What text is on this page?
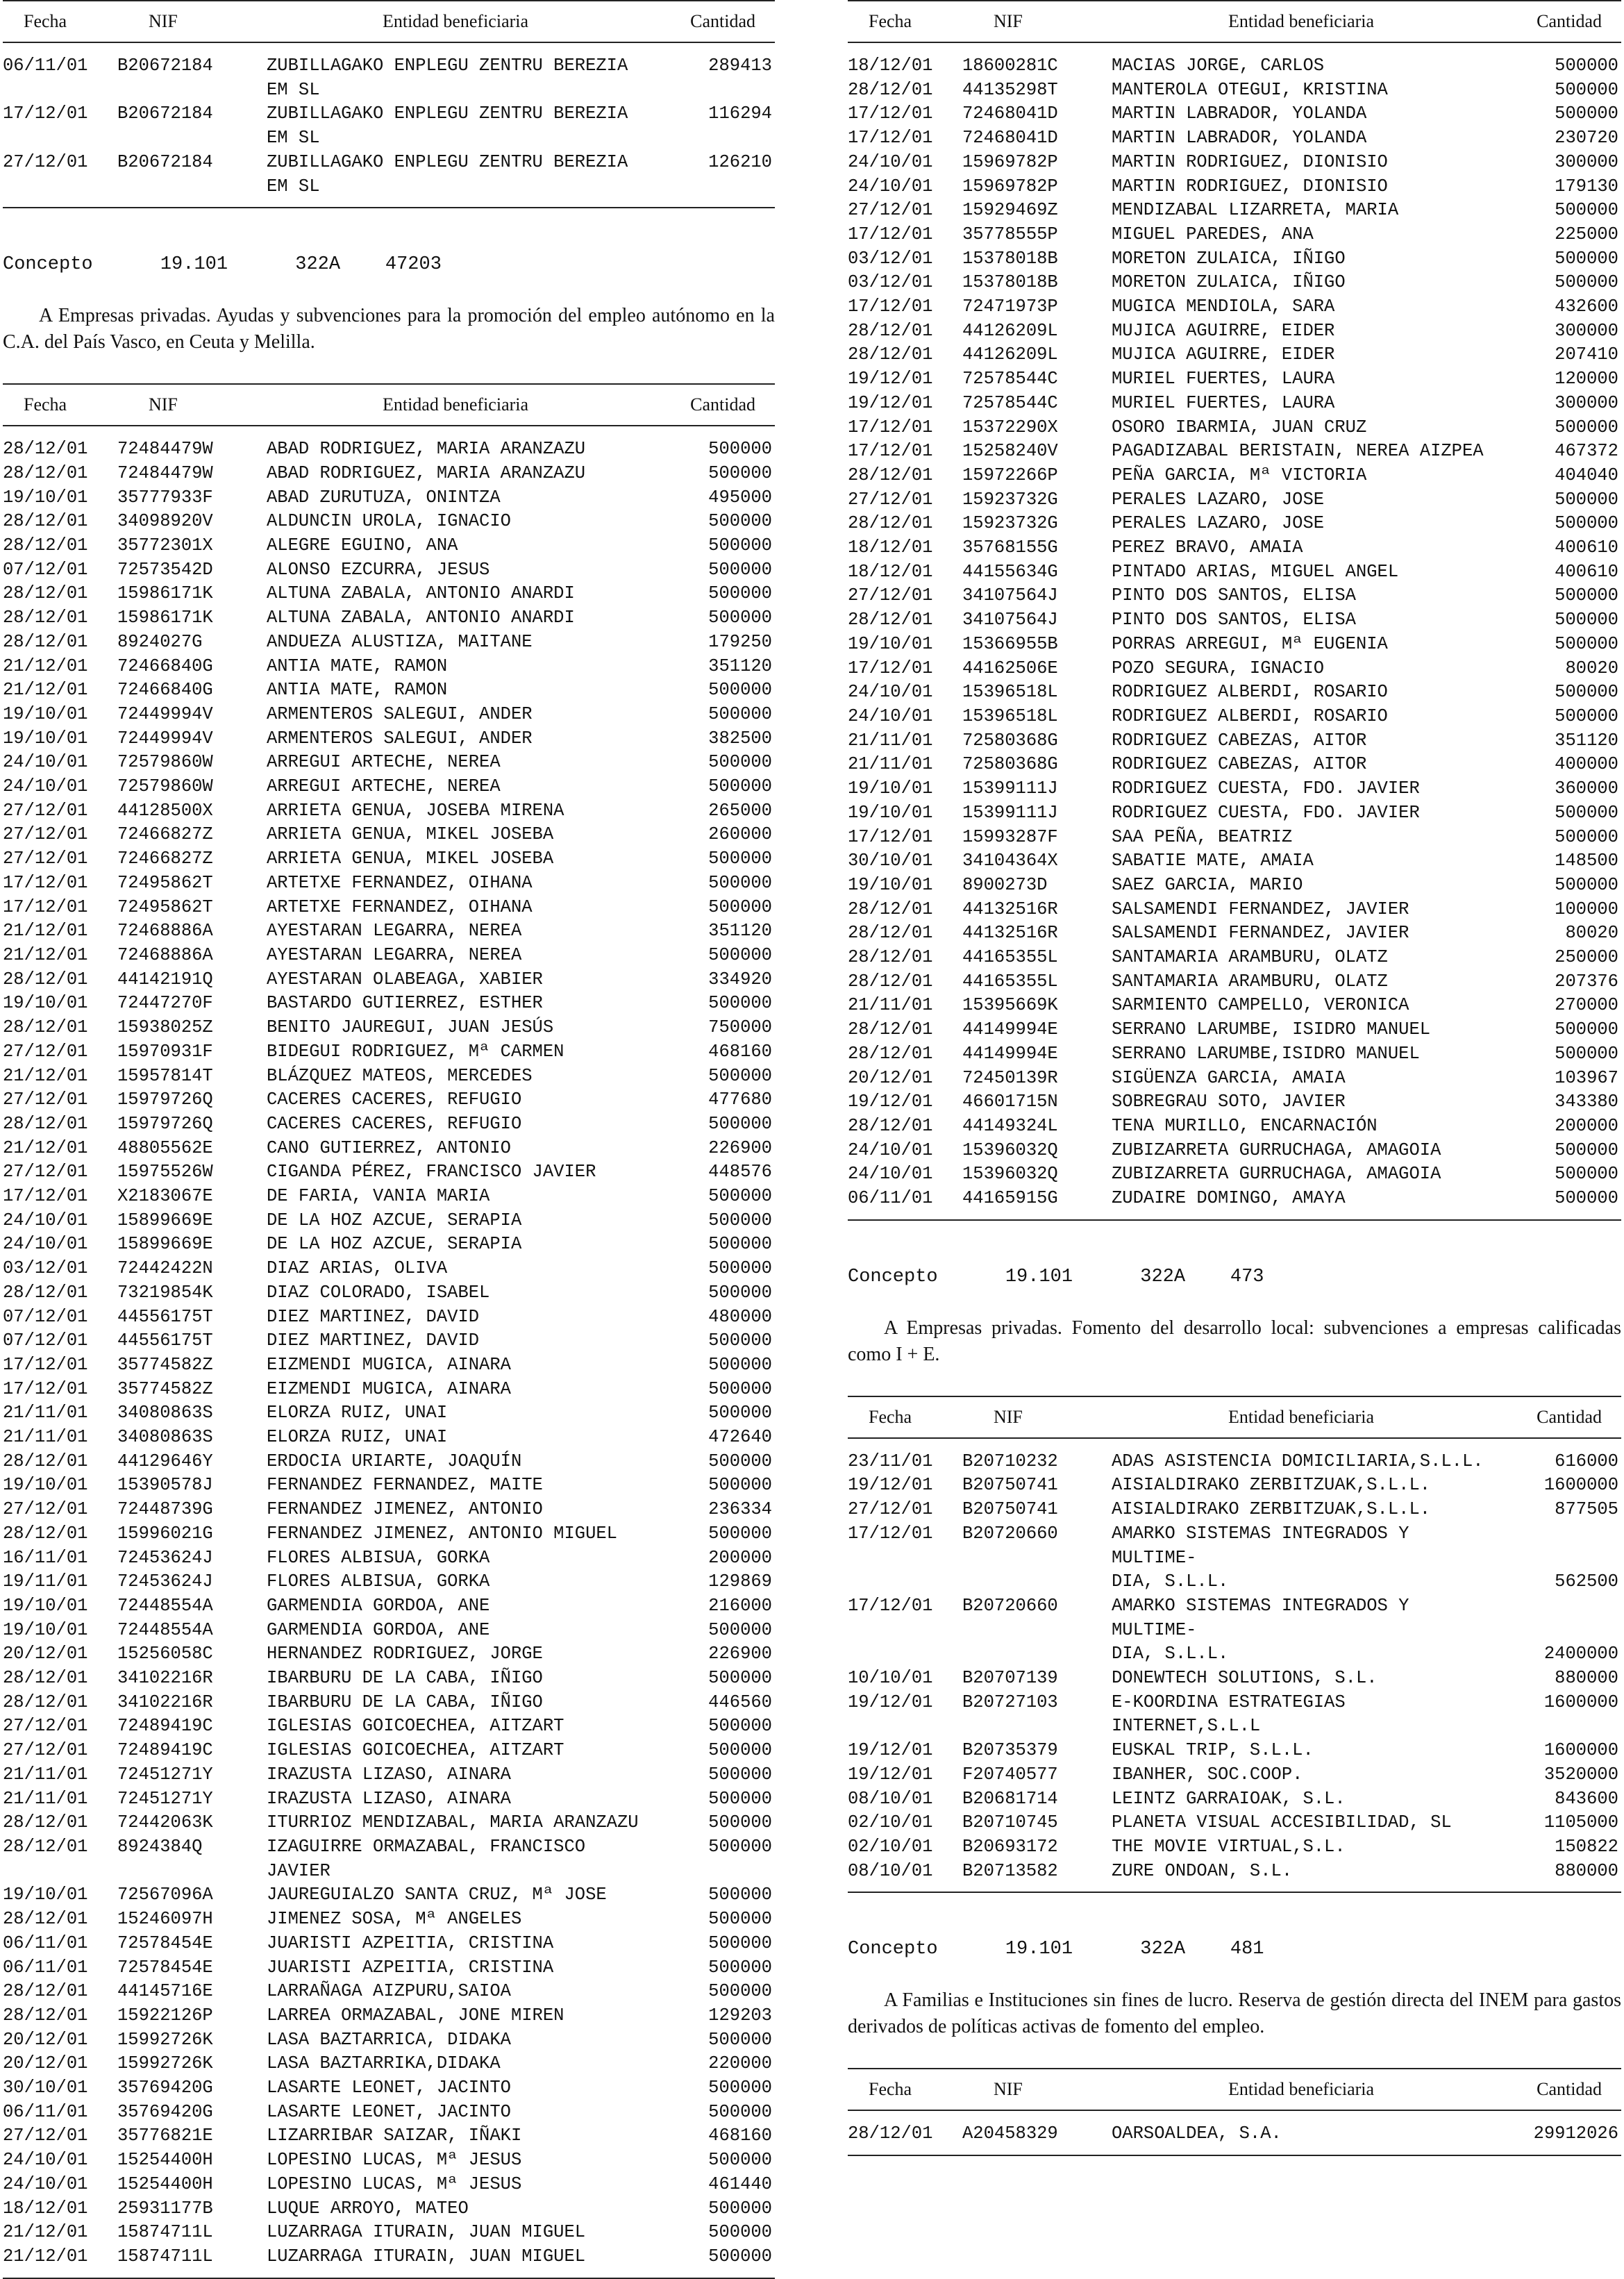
Fecha	NIF	Entidad beneficiaria	Cantidad
06/11/01	B20672184	ZUBILLAGAKO ENPLEGU ZENTRU BEREZIA EM SL	289413
17/12/01	B20672184	ZUBILLAGAKO ENPLEGU ZENTRU BEREZIA EM SL	116294
27/12/01	B20672184	ZUBILLAGAKO ENPLEGU ZENTRU BEREZIA EM SL	126210
Concepto      19.101      322A    47203

A Empresas privadas. Ayudas y subvenciones para la promoción del empleo autónomo en la C.A. del País Vasco, en Ceuta y Melilla.

Fecha	NIF	Entidad beneficiaria	Cantidad
28/12/01	72484479W	ABAD RODRIGUEZ, MARIA ARANZAZU	500000
28/12/01	72484479W	ABAD RODRIGUEZ, MARIA ARANZAZU	500000
19/10/01	35777933F	ABAD ZURUTUZA, ONINTZA	495000
28/12/01	34098920V	ALDUNCIN UROLA, IGNACIO	500000
28/12/01	35772301X	ALEGRE EGUINO, ANA	500000
07/12/01	72573542D	ALONSO EZCURRA, JESUS	500000
28/12/01	15986171K	ALTUNA ZABALA, ANTONIO ANARDI	500000
28/12/01	15986171K	ALTUNA ZABALA, ANTONIO ANARDI	500000
28/12/01	8924027G	ANDUEZA ALUSTIZA, MAITANE	179250
21/12/01	72466840G	ANTIA MATE, RAMON	351120
21/12/01	72466840G	ANTIA MATE, RAMON	500000
19/10/01	72449994V	ARMENTEROS SALEGUI, ANDER	500000
19/10/01	72449994V	ARMENTEROS SALEGUI, ANDER	382500
24/10/01	72579860W	ARREGUI ARTECHE, NEREA	500000
24/10/01	72579860W	ARREGUI ARTECHE, NEREA	500000
27/12/01	44128500X	ARRIETA GENUA, JOSEBA MIRENA	265000
27/12/01	72466827Z	ARRIETA GENUA, MIKEL JOSEBA	260000
27/12/01	72466827Z	ARRIETA GENUA, MIKEL JOSEBA	500000
17/12/01	72495862T	ARTETXE FERNANDEZ, OIHANA	500000
17/12/01	72495862T	ARTETXE FERNANDEZ, OIHANA	500000
21/12/01	72468886A	AYESTARAN LEGARRA, NEREA	351120
21/12/01	72468886A	AYESTARAN LEGARRA, NEREA	500000
28/12/01	44142191Q	AYESTARAN OLABEAGA, XABIER	334920
19/10/01	72447270F	BASTARDO GUTIERREZ, ESTHER	500000
28/12/01	15938025Z	BENITO JAUREGUI, JUAN JESÚS	750000
27/12/01	15970931F	BIDEGUI RODRIGUEZ, Mª CARMEN	468160
21/12/01	15957814T	BLÁZQUEZ MATEOS, MERCEDES	500000
27/12/01	15979726Q	CACERES CACERES, REFUGIO	477680
28/12/01	15979726Q	CACERES CACERES, REFUGIO	500000
21/12/01	48805562E	CANO GUTIERREZ, ANTONIO	226900
27/12/01	15975526W	CIGANDA PÉREZ, FRANCISCO JAVIER	448576
17/12/01	X2183067E	DE FARIA, VANIA MARIA	500000
24/10/01	15899669E	DE LA HOZ AZCUE, SERAPIA	500000
24/10/01	15899669E	DE LA HOZ AZCUE, SERAPIA	500000
03/12/01	72442422N	DIAZ ARIAS, OLIVA	500000
28/12/01	73219854K	DIAZ COLORADO, ISABEL	500000
07/12/01	44556175T	DIEZ MARTINEZ, DAVID	480000
07/12/01	44556175T	DIEZ MARTINEZ, DAVID	500000
17/12/01	35774582Z	EIZMENDI MUGICA, AINARA	500000
17/12/01	35774582Z	EIZMENDI MUGICA, AINARA	500000
21/11/01	34080863S	ELORZA RUIZ, UNAI	500000
21/11/01	34080863S	ELORZA RUIZ, UNAI	472640
28/12/01	44129646Y	ERDOCIA URIARTE, JOAQUÍN	500000
19/10/01	15390578J	FERNANDEZ FERNANDEZ, MAITE	500000
27/12/01	72448739G	FERNANDEZ JIMENEZ, ANTONIO	236334
28/12/01	15996021G	FERNANDEZ JIMENEZ, ANTONIO MIGUEL	500000
16/11/01	72453624J	FLORES ALBISUA, GORKA	200000
19/11/01	72453624J	FLORES ALBISUA, GORKA	129869
19/10/01	72448554A	GARMENDIA GORDOA, ANE	216000
19/10/01	72448554A	GARMENDIA GORDOA, ANE	500000
20/12/01	15256058C	HERNANDEZ RODRIGUEZ, JORGE	226900
28/12/01	34102216R	IBARBURU DE LA CABA, IÑIGO	500000
28/12/01	34102216R	IBARBURU DE LA CABA, IÑIGO	446560
27/12/01	72489419C	IGLESIAS GOICOECHEA, AITZART	500000
27/12/01	72489419C	IGLESIAS GOICOECHEA, AITZART	500000
21/11/01	72451271Y	IRAZUSTA LIZASO, AINARA	500000
21/11/01	72451271Y	IRAZUSTA LIZASO, AINARA	500000
28/12/01	72442063K	ITURRIOZ MENDIZABAL, MARIA ARANZAZU	500000
28/12/01	8924384Q	IZAGUIRRE ORMAZABAL, FRANCISCO JAVIER	500000
19/10/01	72567096A	JAUREGUIALZO SANTA CRUZ, Mª JOSE	500000
28/12/01	15246097H	JIMENEZ SOSA, Mª ANGELES	500000
06/11/01	72578454E	JUARISTI AZPEITIA, CRISTINA	500000
06/11/01	72578454E	JUARISTI AZPEITIA, CRISTINA	500000
28/12/01	44145716E	LARRAÑAGA AIZPURU,SAIOA	500000
28/12/01	15922126P	LARREA ORMAZABAL, JONE MIREN	129203
20/12/01	15992726K	LASA BAZTARRICA, DIDAKA	500000
20/12/01	15992726K	LASA BAZTARRIKA,DIDAKA	220000
30/10/01	35769420G	LASARTE LEONET, JACINTO	500000
06/11/01	35769420G	LASARTE LEONET, JACINTO	500000
27/12/01	35776821E	LIZARRIBAR SAIZAR, IÑAKI	468160
24/10/01	15254400H	LOPESINO LUCAS, Mª JESUS	500000
24/10/01	15254400H	LOPESINO LUCAS, Mª JESUS	461440
18/12/01	25931177B	LUQUE ARROYO, MATEO	500000
21/12/01	15874711L	LUZARRAGA ITURAIN, JUAN MIGUEL	500000
21/12/01	15874711L	LUZARRAGA ITURAIN, JUAN MIGUEL	500000
Fecha	NIF	Entidad beneficiaria	Cantidad
18/12/01	18600281C	MACIAS JORGE, CARLOS	500000
28/12/01	44135298T	MANTEROLA OTEGUI, KRISTINA	500000
17/12/01	72468041D	MARTIN LABRADOR, YOLANDA	500000
17/12/01	72468041D	MARTIN LABRADOR, YOLANDA	230720
24/10/01	15969782P	MARTIN RODRIGUEZ, DIONISIO	300000
24/10/01	15969782P	MARTIN RODRIGUEZ, DIONISIO	179130
27/12/01	15929469Z	MENDIZABAL LIZARRETA, MARIA	500000
17/12/01	35778555P	MIGUEL PAREDES, ANA	225000
03/12/01	15378018B	MORETON ZULAICA, IÑIGO	500000
03/12/01	15378018B	MORETON ZULAICA, IÑIGO	500000
17/12/01	72471973P	MUGICA MENDIOLA, SARA	432600
28/12/01	44126209L	MUJICA AGUIRRE, EIDER	300000
28/12/01	44126209L	MUJICA AGUIRRE, EIDER	207410
19/12/01	72578544C	MURIEL FUERTES, LAURA	120000
19/12/01	72578544C	MURIEL FUERTES, LAURA	300000
17/12/01	15372290X	OSORO IBARMIA, JUAN CRUZ	500000
17/12/01	15258240V	PAGADIZABAL BERISTAIN, NEREA AIZPEA	467372
28/12/01	15972266P	PEÑA GARCIA, Mª VICTORIA	404040
27/12/01	15923732G	PERALES LAZARO, JOSE	500000
28/12/01	15923732G	PERALES LAZARO, JOSE	500000
18/12/01	35768155G	PEREZ BRAVO, AMAIA	400610
18/12/01	44155634G	PINTADO ARIAS, MIGUEL ANGEL	400610
27/12/01	34107564J	PINTO DOS SANTOS, ELISA	500000
28/12/01	34107564J	PINTO DOS SANTOS, ELISA	500000
19/10/01	15366955B	PORRAS ARREGUI, Mª EUGENIA	500000
17/12/01	44162506E	POZO SEGURA, IGNACIO	80020
24/10/01	15396518L	RODRIGUEZ ALBERDI, ROSARIO	500000
24/10/01	15396518L	RODRIGUEZ ALBERDI, ROSARIO	500000
21/11/01	72580368G	RODRIGUEZ CABEZAS, AITOR	351120
21/11/01	72580368G	RODRIGUEZ CABEZAS, AITOR	400000
19/10/01	15399111J	RODRIGUEZ CUESTA, FDO. JAVIER	360000
19/10/01	15399111J	RODRIGUEZ CUESTA, FDO. JAVIER	500000
17/12/01	15993287F	SAA PEÑA, BEATRIZ	500000
30/10/01	34104364X	SABATIE MATE, AMAIA	148500
19/10/01	8900273D	SAEZ GARCIA, MARIO	500000
28/12/01	44132516R	SALSAMENDI FERNANDEZ, JAVIER	100000
28/12/01	44132516R	SALSAMENDI FERNANDEZ, JAVIER	80020
28/12/01	44165355L	SANTAMARIA ARAMBURU, OLATZ	250000
28/12/01	44165355L	SANTAMARIA ARAMBURU, OLATZ	207376
21/11/01	15395669K	SARMIENTO CAMPELLO, VERONICA	270000
28/12/01	44149994E	SERRANO LARUMBE, ISIDRO MANUEL	500000
28/12/01	44149994E	SERRANO LARUMBE,ISIDRO MANUEL	500000
20/12/01	72450139R	SIGÜENZA GARCIA, AMAIA	103967
19/12/01	46601715N	SOBREGRAU SOTO, JAVIER	343380
28/12/01	44149324L	TENA MURILLO, ENCARNACIÓN	200000
24/10/01	15396032Q	ZUBIZARRETA GURRUCHAGA, AMAGOIA	500000
24/10/01	15396032Q	ZUBIZARRETA GURRUCHAGA, AMAGOIA	500000
06/11/01	44165915G	ZUDAIRE DOMINGO, AMAYA	500000
Concepto      19.101      322A    473

A Empresas privadas. Fomento del desarrollo local: subvenciones a empresas calificadas como I + E.

Fecha	NIF	Entidad beneficiaria	Cantidad
23/11/01	B20710232	ADAS ASISTENCIA DOMICILIARIA,S.L.L.	616000
19/12/01	B20750741	AISIALDIRAKO ZERBITZUAK,S.L.L.	1600000
27/12/01	B20750741	AISIALDIRAKO ZERBITZUAK,S.L.L.	877505
17/12/01	B20720660	AMARKO SISTEMAS INTEGRADOS Y MULTIME-
DIA, S.L.L.	562500
17/12/01	B20720660	AMARKO SISTEMAS INTEGRADOS Y MULTIME-
DIA, S.L.L.	2400000
10/10/01	B20707139	DONEWTECH SOLUTIONS, S.L.	880000
19/12/01	B20727103	E-KOORDINA ESTRATEGIAS INTERNET,S.L.L	1600000
19/12/01	B20735379	EUSKAL TRIP, S.L.L.	1600000
19/12/01	F20740577	IBANHER, SOC.COOP.	3520000
08/10/01	B20681714	LEINTZ GARRAIOAK, S.L.	843600
02/10/01	B20710745	PLANETA VISUAL ACCESIBILIDAD, SL	1105000
02/10/01	B20693172	THE MOVIE VIRTUAL,S.L.	150822
08/10/01	B20713582	ZURE ONDOAN, S.L.	880000
Concepto      19.101      322A    481

A Familias e Instituciones sin fines de lucro. Reserva de gestión directa del INEM para gastos derivados de políticas activas de fomento del empleo.

Fecha	NIF	Entidad beneficiaria	Cantidad
28/12/01	A20458329	OARSOALDEA, S.A.	29912026
